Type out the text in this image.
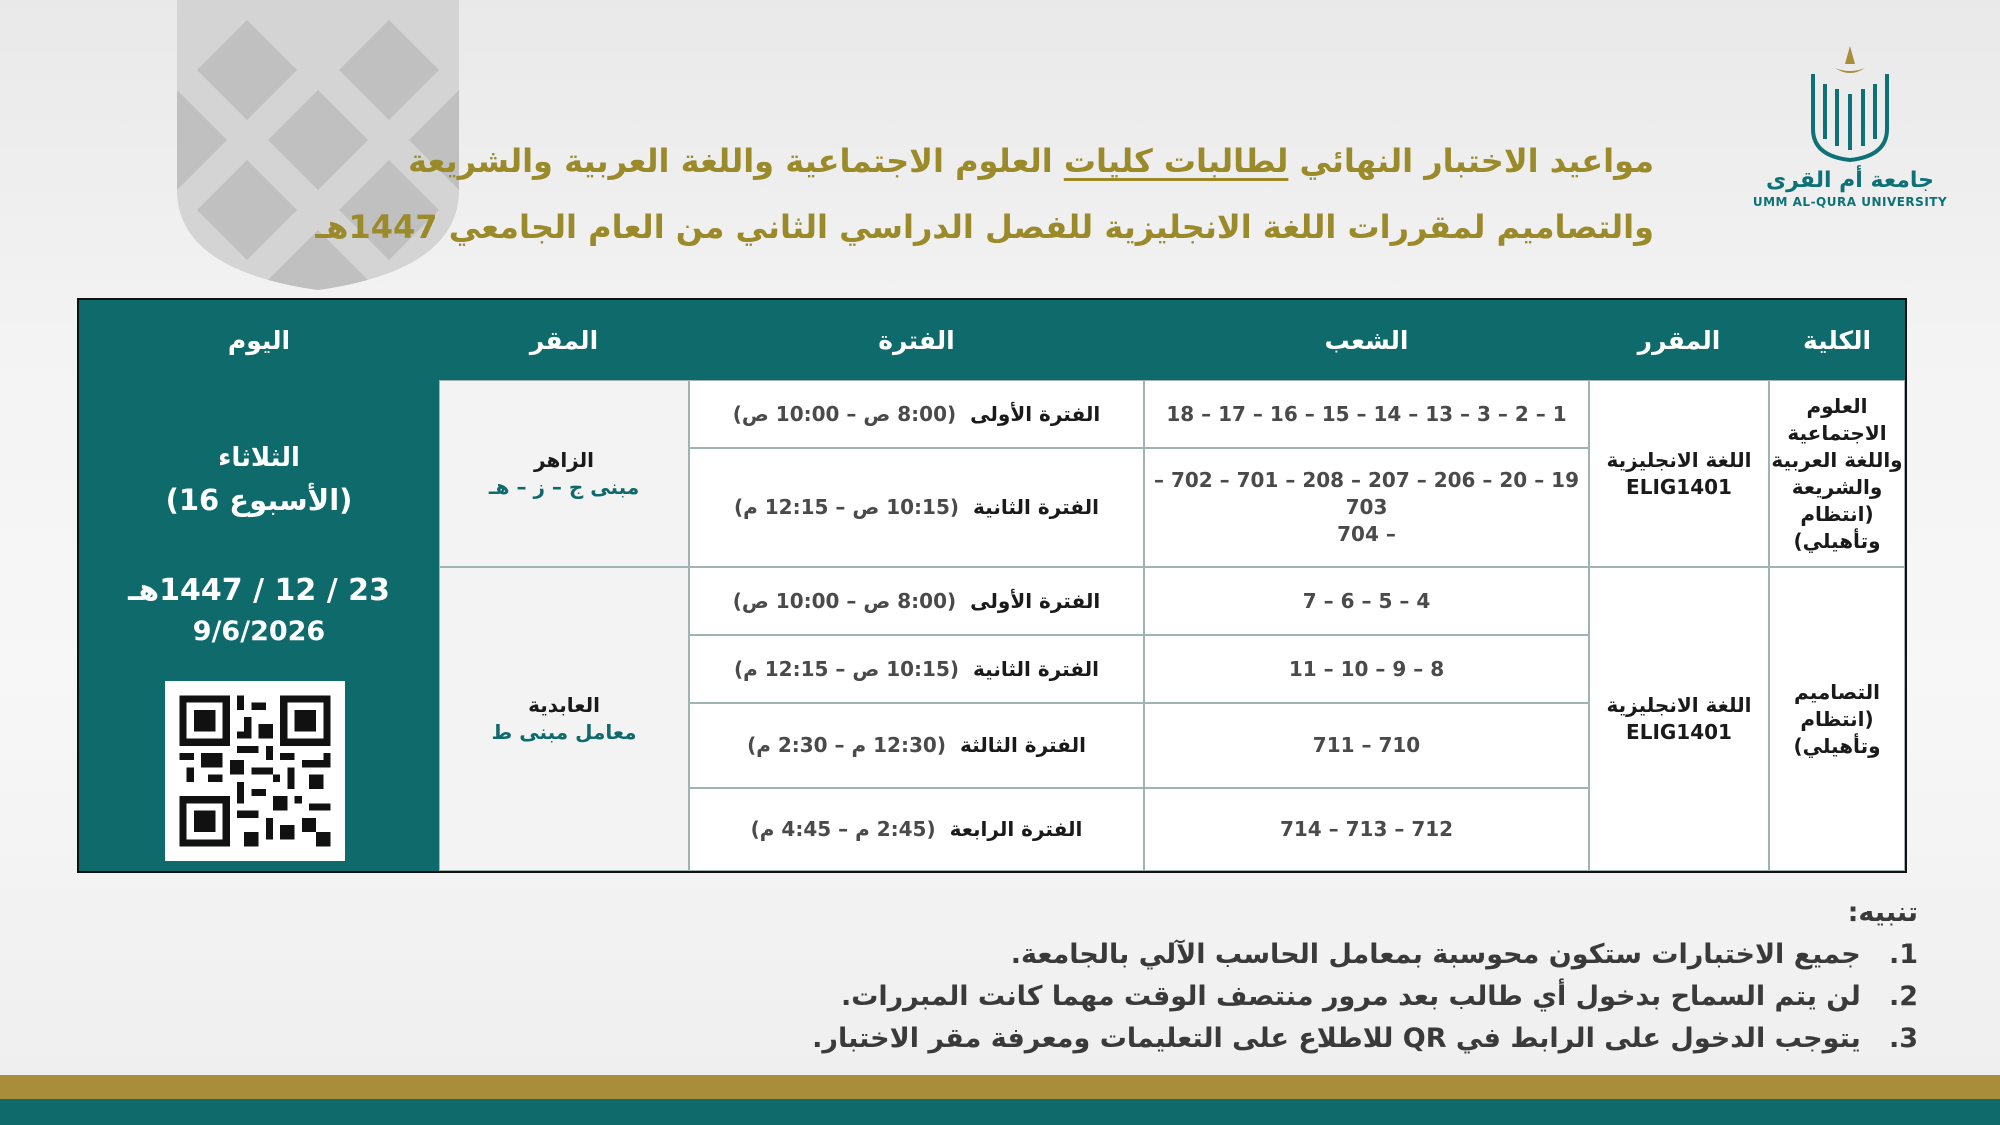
جامعة أم القرى
UMM AL-QURA UNIVERSITY
مواعيد الاختبار النهائي لطالبات كليات العلوم الاجتماعية واللغة العربية والشريعة
والتصاميم لمقررات اللغة الانجليزية للفصل الدراسي الثاني من العام الجامعي 1447هـ
الكلية
المقرر
الشعب
الفترة
المقر
اليوم
العلوم الاجتماعية
واللغة العربية
والشريعة
(انتظام وتأهيلي)
اللغة الانجليزية
ELIG1401
1 – 2 – 3 – 13 – 14 – 15 – 16 – 17 – 18
19 – 20 – 206 – 207 – 208 – 701 – 702 – 703
– 704
الفترة الأولى
(8:00 ص – 10:00 ص)
الفترة الثانية
(10:15 ص – 12:15 م)
الزاهر
مبنى ج – ز – هـ
التصاميم
(انتظام وتأهيلي)
اللغة الانجليزية
ELIG1401
4 – 5 – 6 – 7
8 – 9 – 10 – 11
710 – 711
712 – 713 – 714
الفترة الأولى
(8:00 ص – 10:00 ص)
الفترة الثانية
(10:15 ص – 12:15 م)
الفترة الثالثة
(12:30 م – 2:30 م)
الفترة الرابعة
(2:45 م – 4:45 م)
العابدية
معامل مبنى ط
الثلاثاء
(الأسبوع 16)
23 / 12 / 1447هـ
9/6/2026
تنبيه:
1.   جميع الاختبارات ستكون محوسبة بمعامل الحاسب الآلي بالجامعة.
2.   لن يتم السماح بدخول أي طالب بعد مرور منتصف الوقت مهما كانت المبررات.
3.   يتوجب الدخول على الرابط في QR للاطلاع على التعليمات ومعرفة مقر الاختبار.
